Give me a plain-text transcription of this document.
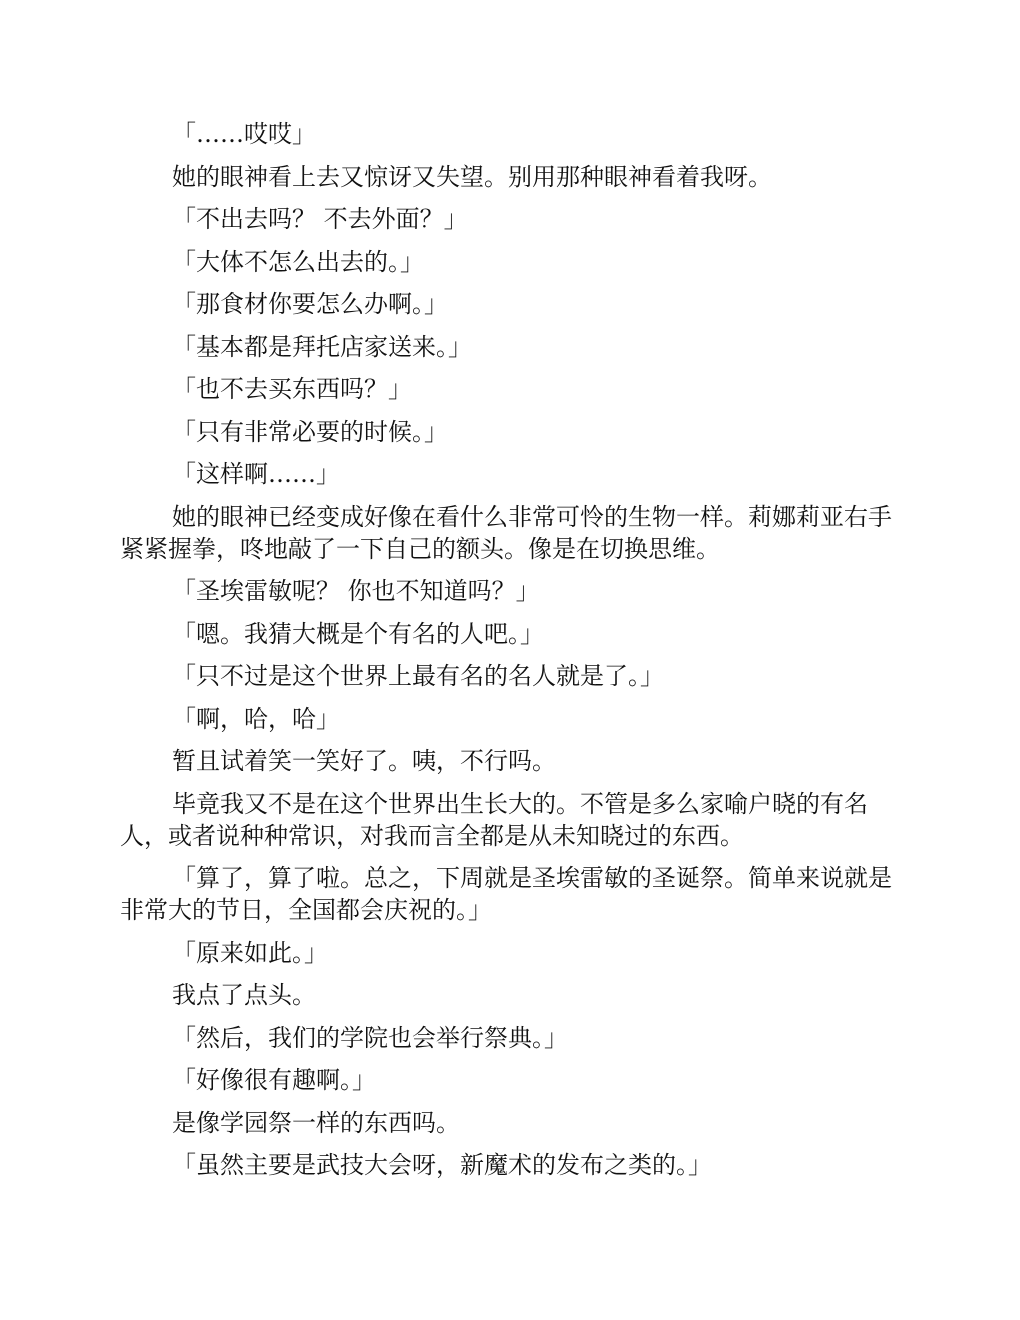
「……哎哎」

她的眼神看上去又惊讶又失望。别用那种眼神看着我呀。

「不出去吗？ 不去外面？」

「大体不怎么出去的。」

「那食材你要怎么办啊。」

「基本都是拜托店家送来。」

「也不去买东西吗？」

「只有非常必要的时候。」

「这样啊……」

她的眼神已经变成好像在看什么非常可怜的生物一样。莉娜莉亚右手紧紧握拳，咚地敲了一下自己的额头。像是在切换思维。

「圣埃雷敏呢？ 你也不知道吗？」

「嗯。我猜大概是个有名的人吧。」

「只不过是这个世界上最有名的名人就是了。」

「啊，哈，哈」

暂且试着笑一笑好了。咦，不行吗。

毕竟我又不是在这个世界出生长大的。不管是多么家喻户晓的有名人，或者说种种常识，对我而言全都是从未知晓过的东西。

「算了，算了啦。总之，下周就是圣埃雷敏的圣诞祭。简单来说就是非常大的节日，全国都会庆祝的。」

「原来如此。」

我点了点头。

「然后，我们的学院也会举行祭典。」

「好像很有趣啊。」

是像学园祭一样的东西吗。

「虽然主要是武技大会呀，新魔术的发布之类的。」
